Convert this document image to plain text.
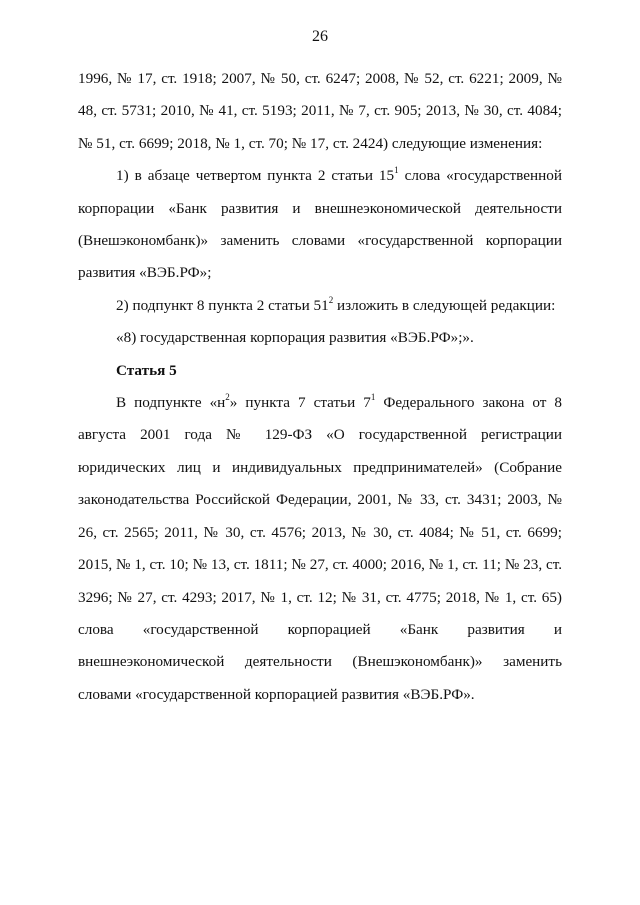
26

1996, № 17, ст. 1918; 2007, № 50, ст. 6247; 2008, № 52, ст. 6221; 2009, № 48, ст. 5731; 2010, № 41, ст. 5193; 2011, № 7, ст. 905; 2013, № 30, ст. 4084; № 51, ст. 6699; 2018, № 1, ст. 70; № 17, ст. 2424) следующие изменения:

1) в абзаце четвертом пункта 2 статьи $15^1$ слова «государственной корпорации «Банк развития и внешнеэкономической деятельности (Внешэкономбанк)» заменить словами «государственной корпорации развития «ВЭБ.РФ»;

2) подпункт 8 пункта 2 статьи $51^2$ изложить в следующей редакции:

«8) государственная корпорация развития «ВЭБ.РФ»;».

Статья 5

В подпункте «$н^2$» пункта 7 статьи $7^1$ Федерального закона от 8 августа 2001 года № 129-ФЗ «О государственной регистрации юридических лиц и индивидуальных предпринимателей» (Собрание законодательства Российской Федерации, 2001, № 33, ст. 3431; 2003, № 26, ст. 2565; 2011, № 30, ст. 4576; 2013, № 30, ст. 4084; № 51, ст. 6699; 2015, № 1, ст. 10; № 13, ст. 1811; № 27, ст. 4000; 2016, № 1, ст. 11; № 23, ст. 3296; № 27, ст. 4293; 2017, № 1, ст. 12; № 31, ст. 4775; 2018, № 1, ст. 65) слова «государственной корпорацией «Банк развития и внешнеэкономической деятельности (Внешэкономбанк)» заменить словами «государственной корпорацией развития «ВЭБ.РФ».
